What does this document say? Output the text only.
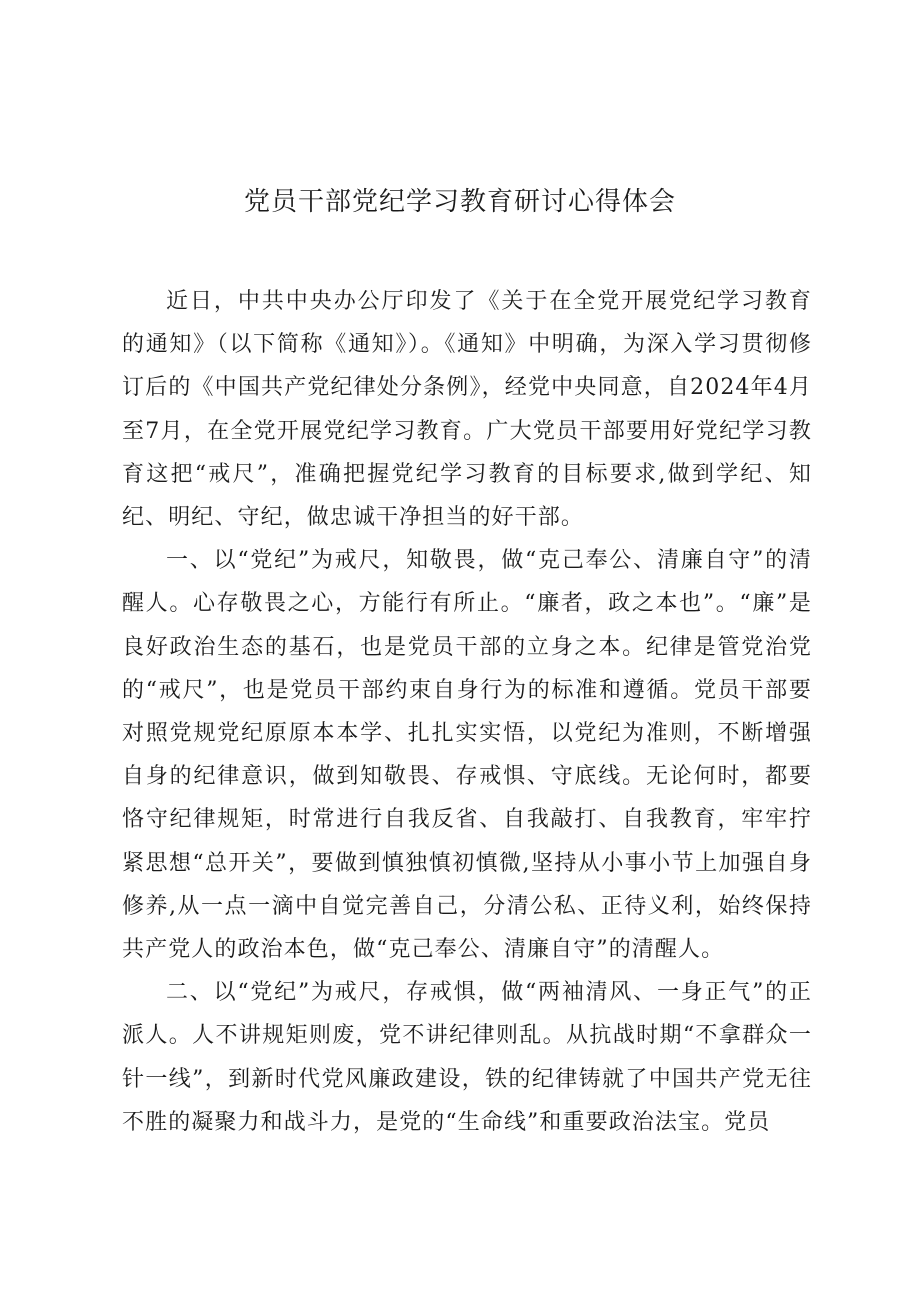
党员干部党纪学习教育研讨心得体会

近日，中共中央办公厅印发了《关于在全党开展党纪学习教育的通知》（以下简称《通知》）。《通知》中明确，为深入学习贯彻修订后的《中国共产党纪律处分条例》，经党中央同意，自2024年4月至7月，在全党开展党纪学习教育。广大党员干部要用好党纪学习教育这把“戒尺”，准确把握党纪学习教育的目标要求,做到学纪、知纪、明纪、守纪，做忠诚干净担当的好干部。

一、以“党纪”为戒尺，知敬畏，做“克己奉公、清廉自守”的清醒人。心存敬畏之心，方能行有所止。“廉者，政之本也”。“廉”是良好政治生态的基石，也是党员干部的立身之本。纪律是管党治党的“戒尺”，也是党员干部约束自身行为的标准和遵循。党员干部要对照党规党纪原原本本学、扎扎实实悟，以党纪为准则，不断增强自身的纪律意识，做到知敬畏、存戒惧、守底线。无论何时，都要恪守纪律规矩，时常进行自我反省、自我敲打、自我教育，牢牢拧紧思想“总开关”，要做到慎独慎初慎微,坚持从小事小节上加强自身修养,从一点一滴中自觉完善自己，分清公私、正待义利，始终保持共产党人的政治本色，做“克己奉公、清廉自守”的清醒人。

二、以“党纪”为戒尺，存戒惧，做“两袖清风、一身正气”的正派人。人不讲规矩则废，党不讲纪律则乱。从抗战时期“不拿群众一针一线”，到新时代党风廉政建设，铁的纪律铸就了中国共产党无往不胜的凝聚力和战斗力，是党的“生命线”和重要政治法宝。党员
